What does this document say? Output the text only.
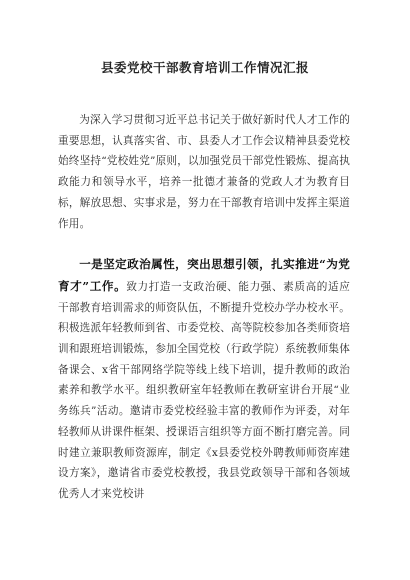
县委党校干部教育培训工作情况汇报

为深入学习贯彻习近平总书记关于做好新时代人才工作的重要思想，认真落实省、市、县委人才工作会议精神县委党校始终坚持“党校姓党”原则，以加强党员干部党性锻炼、提高执政能力和领导水平，培养一批德才兼备的党政人才为教育目标，解放思想、实事求是，努力在干部教育培训中发挥主渠道作用。

一是坚定政治属性，突出思想引领，扎实推进“为党育才”工作。致力打造一支政治硬、能力强、素质高的适应干部教育培训需求的师资队伍，不断提升党校办学办校水平。积极选派年轻教师到省、市委党校、高等院校参加各类师资培训和跟班培训锻炼，参加全国党校（行政学院）系统教师集体备课会、x省干部网络学院等线上线下培训，提升教师的政治素养和教学水平。组织教研室年轻教师在教研室讲台开展“业务练兵”活动。邀请市委党校经验丰富的教师作为评委，对年轻教师从讲课件框架、授课语言组织等方面不断打磨完善。同时建立兼职教师资源库，制定《x县委党校外聘教师师资库建设方案》，邀请省市委党校教授，我县党政领导干部和各领域优秀人才来党校讲
